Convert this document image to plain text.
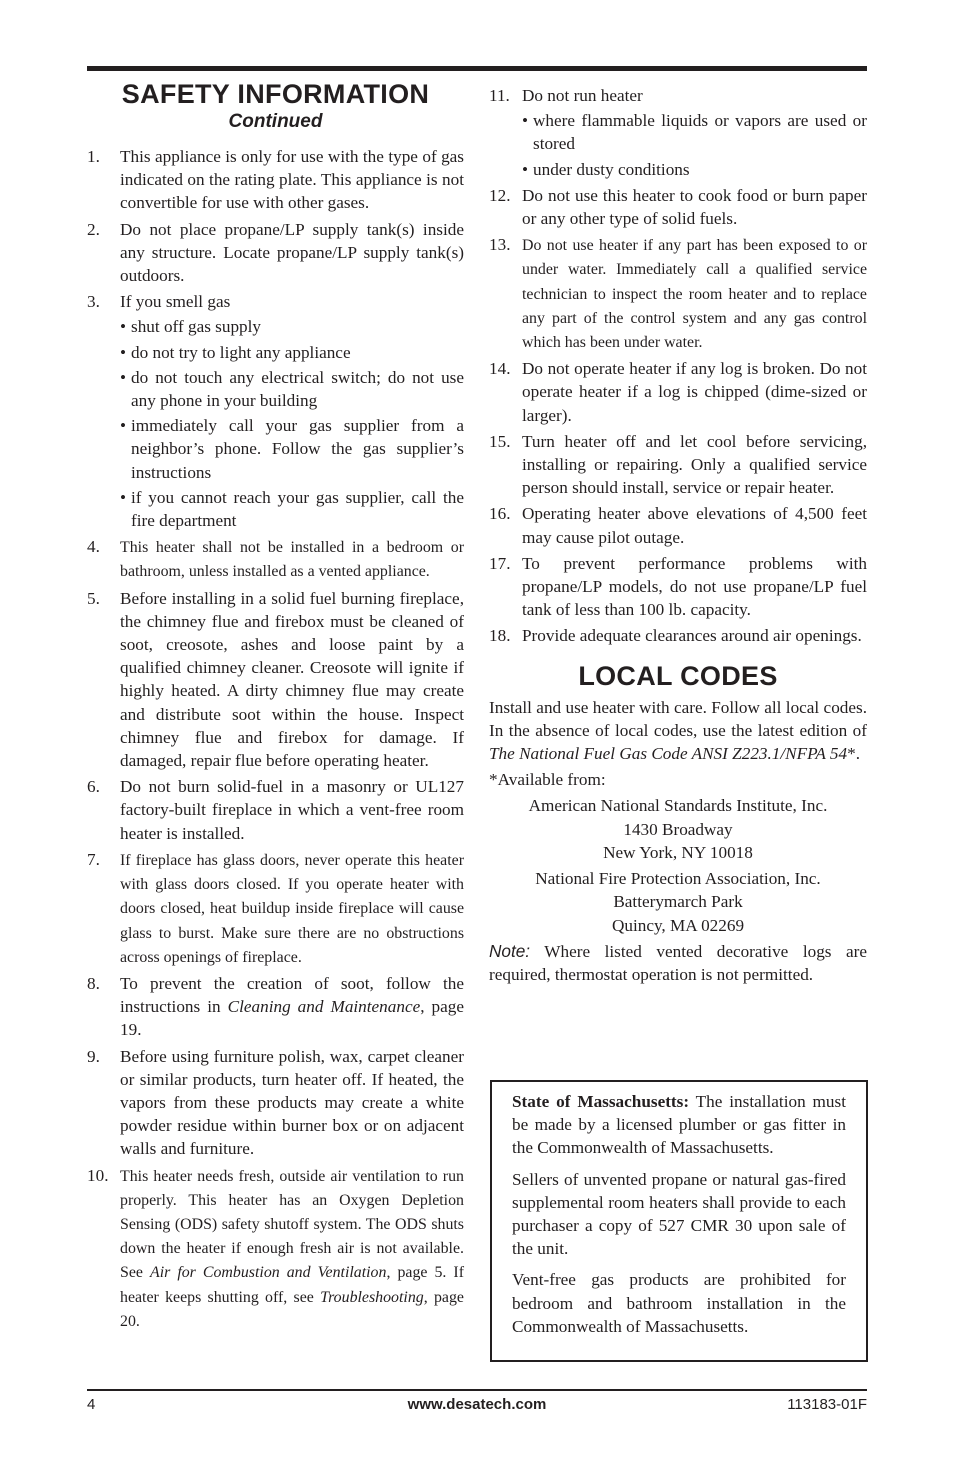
SAFETY INFORMATION
Continued
1. This appliance is only for use with the type of gas indicated on the rating plate. This appliance is not convertible for use with other gases.
2. Do not place propane/LP supply tank(s) inside any structure. Locate propane/LP supply tank(s) outdoors.
3. If you smell gas
• shut off gas supply
• do not try to light any appliance
• do not touch any electrical switch; do not use any phone in your building
• immediately call your gas supplier from a neighbor’s phone. Follow the gas supplier’s instructions
• if you cannot reach your gas supplier, call the fire department
4. This heater shall not be installed in a bedroom or bathroom, unless installed as a vented appliance.
5. Before installing in a solid fuel burning fireplace, the chimney flue and firebox must be cleaned of soot, creosote, ashes and loose paint by a qualified chimney cleaner. Creosote will ignite if highly heated. A dirty chimney flue may create and distribute soot within the house. Inspect chimney flue and firebox for damage. If damaged, repair flue before operating heater.
6. Do not burn solid-fuel in a masonry or UL127 factory-built fireplace in which a vent-free room heater is installed.
7. If fireplace has glass doors, never operate this heater with glass doors closed. If you operate heater with doors closed, heat buildup inside fireplace will cause glass to burst. Make sure there are no obstructions across openings of fireplace.
8. To prevent the creation of soot, follow the instructions in Cleaning and Maintenance, page 19.
9. Before using furniture polish, wax, carpet cleaner or similar products, turn heater off. If heated, the vapors from these products may create a white powder residue within burner box or on adjacent walls and furniture.
10. This heater needs fresh, outside air ventilation to run properly. This heater has an Oxygen Depletion Sensing (ODS) safety shutoff system. The ODS shuts down the heater if enough fresh air is not available. See Air for Combustion and Ventilation, page 5. If heater keeps shutting off, see Troubleshooting, page 20.
11. Do not run heater
• where flammable liquids or vapors are used or stored
• under dusty conditions
12. Do not use this heater to cook food or burn paper or any other type of solid fuels.
13. Do not use heater if any part has been exposed to or under water. Immediately call a qualified service technician to inspect the room heater and to replace any part of the control system and any gas control which has been under water.
14. Do not operate heater if any log is broken. Do not operate heater if a log is chipped (dime-sized or larger).
15. Turn heater off and let cool before servicing, installing or repairing. Only a qualified service person should install, service or repair heater.
16. Operating heater above elevations of 4,500 feet may cause pilot outage.
17. To prevent performance problems with propane/LP models, do not use propane/LP fuel tank of less than 100 lb. capacity.
18. Provide adequate clearances around air openings.
LOCAL CODES

Install and use heater with care. Follow all local codes. In the absence of local codes, use the latest edition of The National Fuel Gas Code ANSI Z223.1/NFPA 54*.

*Available from:

American National Standards Institute, Inc.
1430 Broadway
New York, NY 10018
National Fire Protection Association, Inc.
Batterymarch Park
Quincy, MA 02269

Note: Where listed vented decorative logs are required, thermostat operation is not permitted.

State of Massachusetts: The installation must be made by a licensed plumber or gas fitter in the Commonwealth of Massachusetts.

Sellers of unvented propane or natural gas-fired supplemental room heaters shall provide to each purchaser a copy of 527 CMR 30 upon sale of the unit.

Vent-free gas products are prohibited for bedroom and bathroom installation in the Commonwealth of Massachusetts.

4	www.desatech.com	113183-01F
